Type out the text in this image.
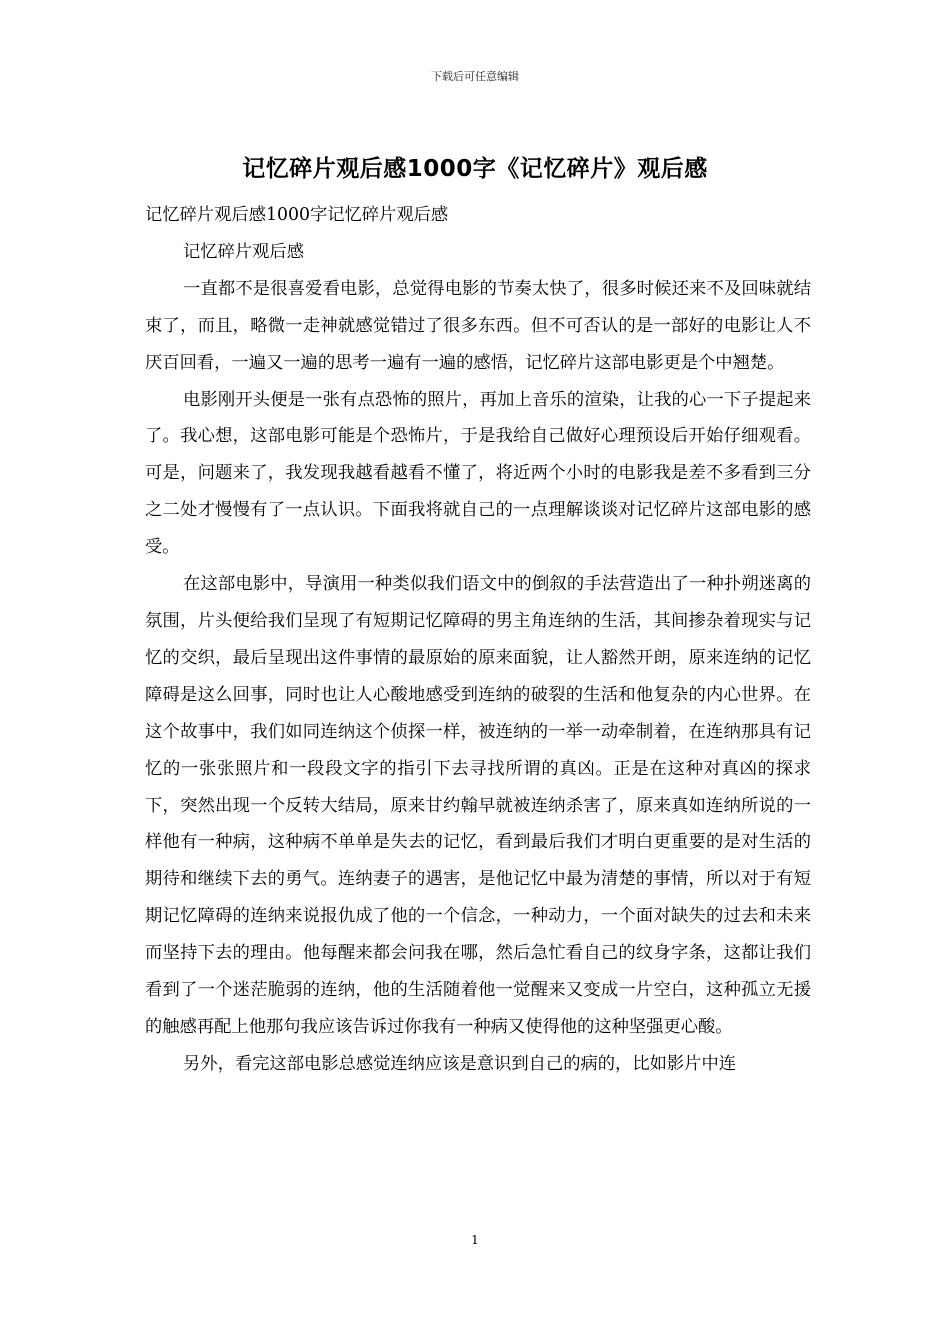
下载后可任意编辑
记忆碎片观后感1000字《记忆碎片》观后感

记忆碎片观后感1000字记忆碎片观后感

记忆碎片观后感

一直都不是很喜爱看电影，总觉得电影的节奏太快了，很多时候还来不及回味就结束了，而且，略微一走神就感觉错过了很多东西。但不可否认的是一部好的电影让人不厌百回看，一遍又一遍的思考一遍有一遍的感悟，记忆碎片这部电影更是个中翘楚。

电影刚开头便是一张有点恐怖的照片，再加上音乐的渲染，让我的心一下子提起来了。我心想，这部电影可能是个恐怖片，于是我给自己做好心理预设后开始仔细观看。可是，问题来了，我发现我越看越看不懂了，将近两个小时的电影我是差不多看到三分之二处才慢慢有了一点认识。下面我将就自己的一点理解谈谈对记忆碎片这部电影的感受。

在这部电影中，导演用一种类似我们语文中的倒叙的手法营造出了一种扑朔迷离的氛围，片头便给我们呈现了有短期记忆障碍的男主角连纳的生活，其间掺杂着现实与记忆的交织，最后呈现出这件事情的最原始的原来面貌，让人豁然开朗，原来连纳的记忆障碍是这么回事，同时也让人心酸地感受到连纳的破裂的生活和他复杂的内心世界。在这个故事中，我们如同连纳这个侦探一样，被连纳的一举一动牵制着，在连纳那具有记忆的一张张照片和一段段文字的指引下去寻找所谓的真凶。正是在这种对真凶的探求下，突然出现一个反转大结局，原来甘约翰早就被连纳杀害了，原来真如连纳所说的一样他有一种病，这种病不单单是失去的记忆，看到最后我们才明白更重要的是对生活的期待和继续下去的勇气。连纳妻子的遇害，是他记忆中最为清楚的事情，所以对于有短期记忆障碍的连纳来说报仇成了他的一个信念，一种动力，一个面对缺失的过去和未来而坚持下去的理由。他每醒来都会问我在哪，然后急忙看自己的纹身字条，这都让我们看到了一个迷茫脆弱的连纳，他的生活随着他一觉醒来又变成一片空白，这种孤立无援的触感再配上他那句我应该告诉过你我有一种病又使得他的这种坚强更心酸。

另外，看完这部电影总感觉连纳应该是意识到自己的病的，比如影片中连

1
